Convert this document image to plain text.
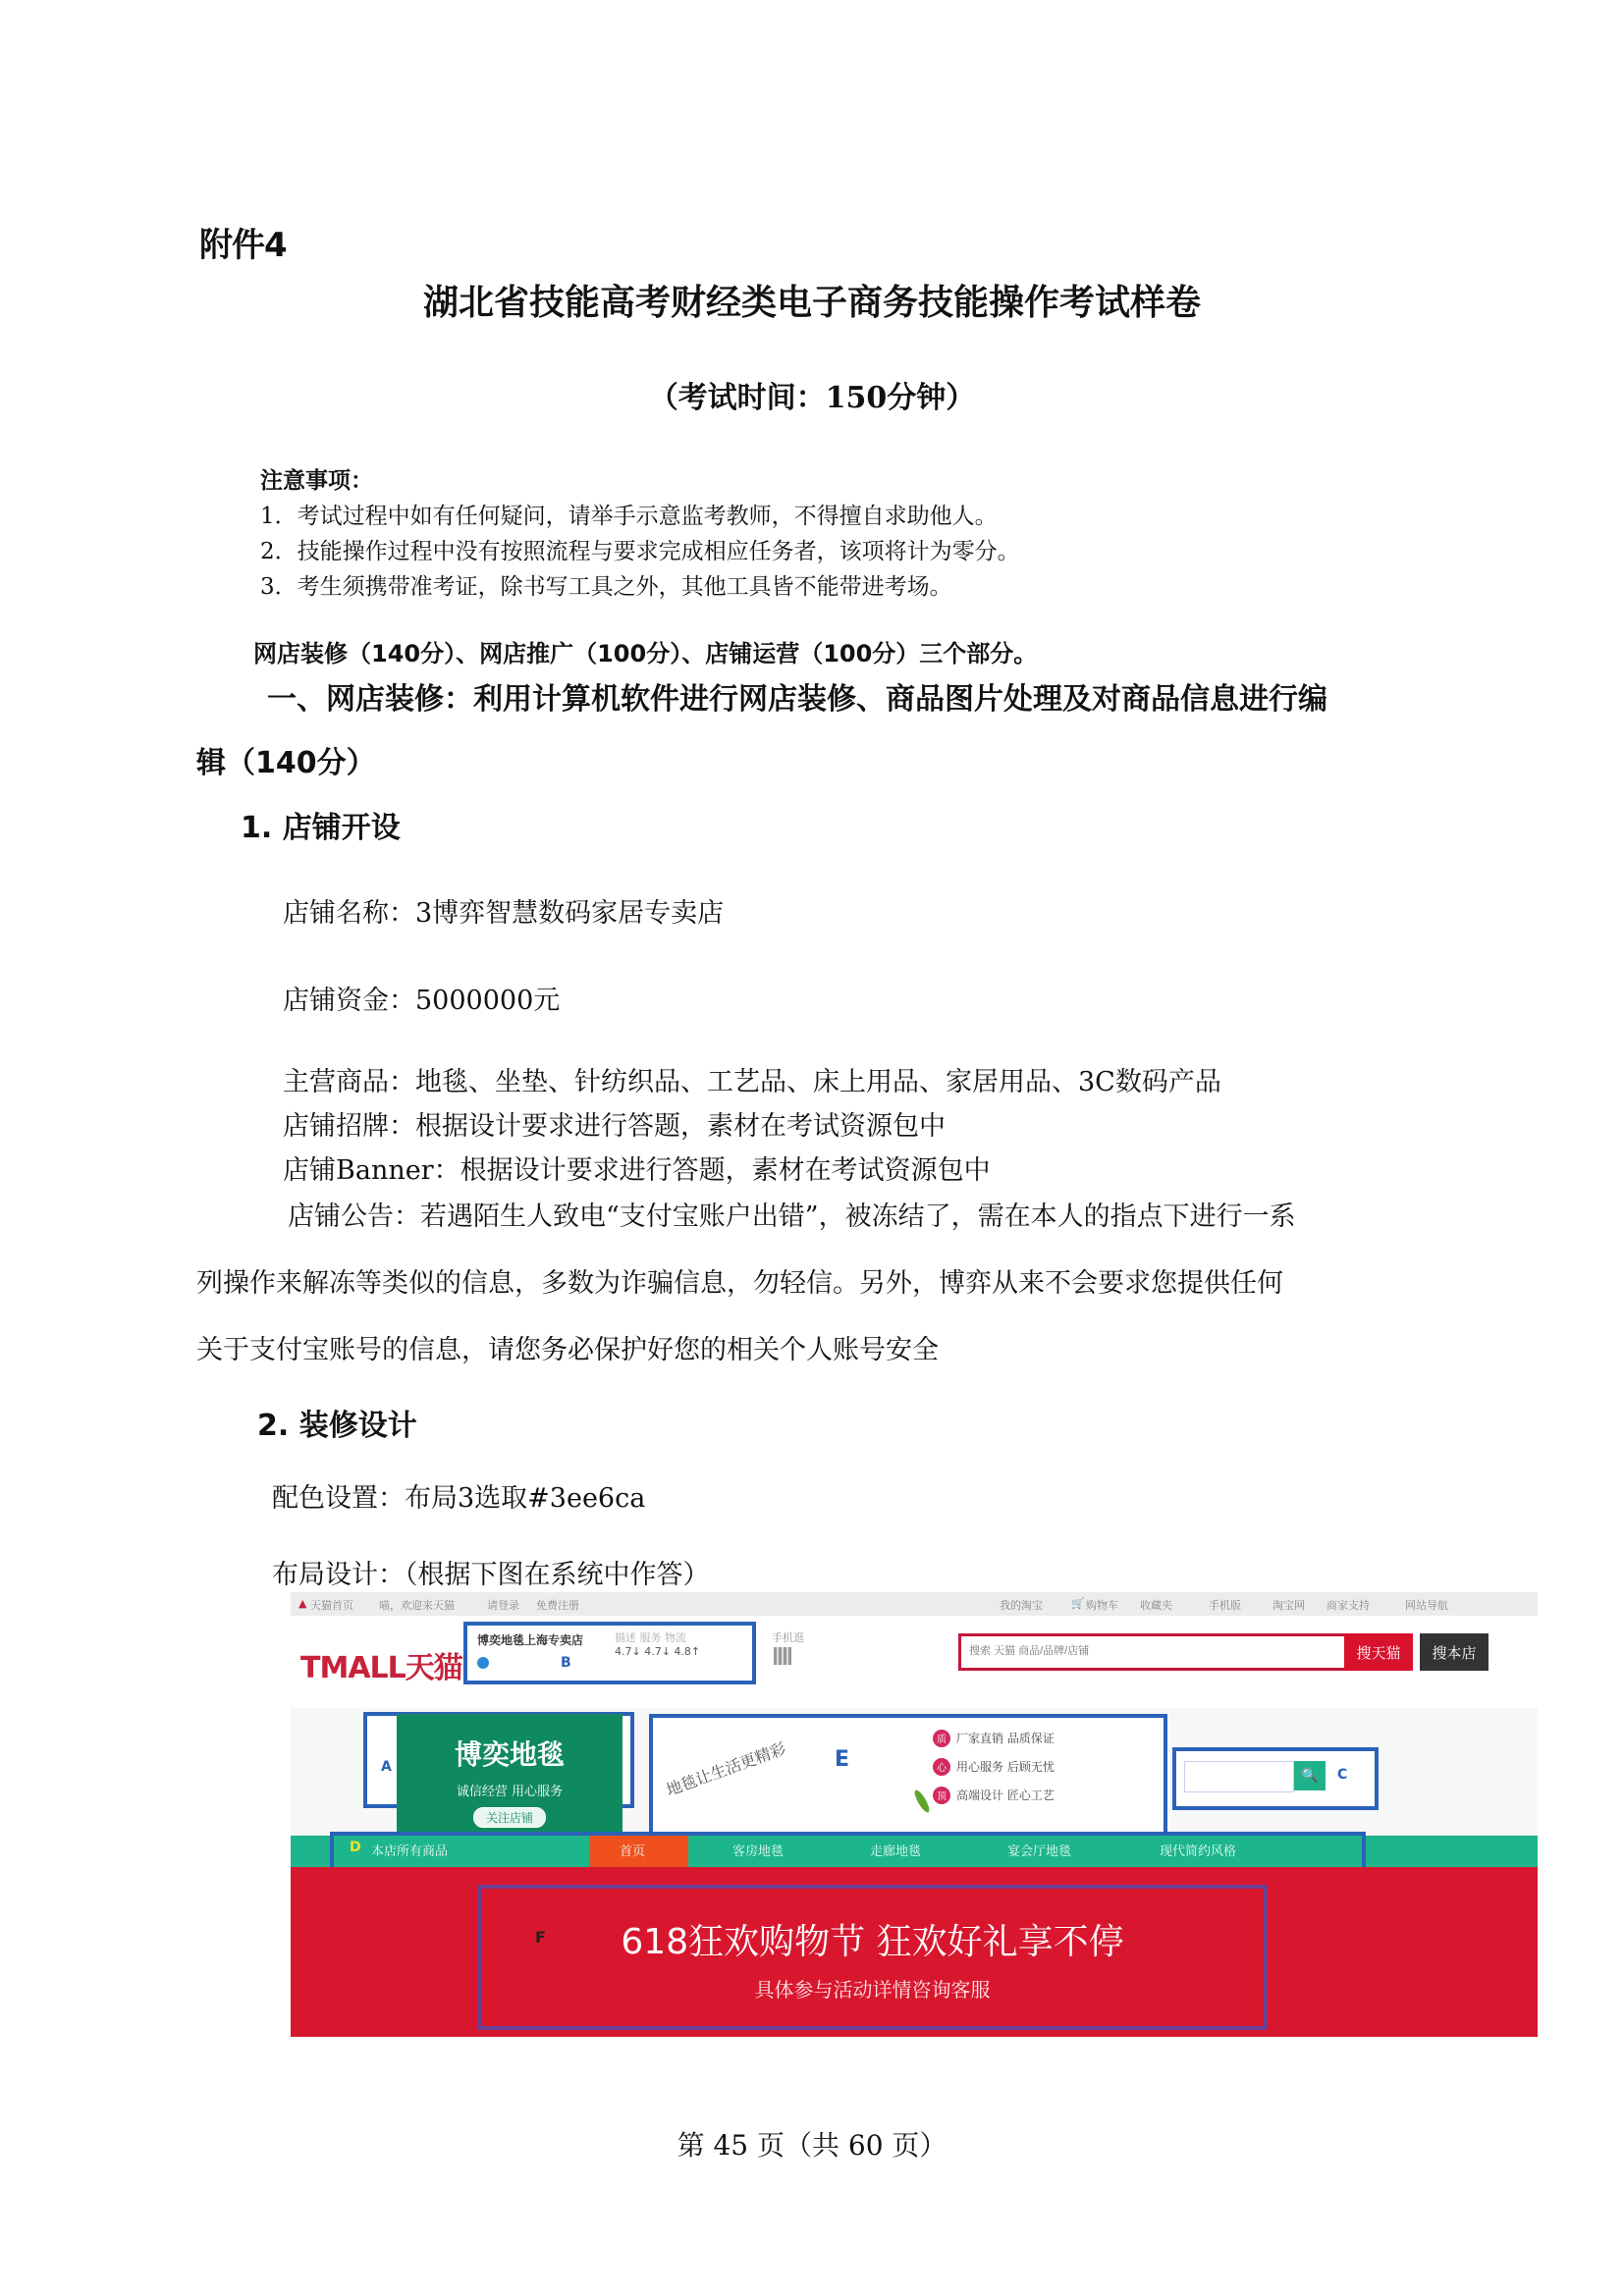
附件4
湖北省技能高考财经类电子商务技能操作考试样卷
（考试时间：150分钟）
注意事项：
1．考试过程中如有任何疑问，请举手示意监考教师，不得擅自求助他人。
2．技能操作过程中没有按照流程与要求完成相应任务者，该项将计为零分。
3．考生须携带准考证，除书写工具之外，其他工具皆不能带进考场。
网店装修（140分）、网店推广（100分）、店铺运营（100分）三个部分。
一、网店装修：利用计算机软件进行网店装修、商品图片处理及对商品信息进行编
辑（140分）
1. 店铺开设
店铺名称：3博弈智慧数码家居专卖店
店铺资金：5000000元
主营商品：地毯、坐垫、针纺织品、工艺品、床上用品、家居用品、3C数码产品
店铺招牌：根据设计要求进行答题，素材在考试资源包中
店铺Banner：根据设计要求进行答题，素材在考试资源包中
店铺公告：若遇陌生人致电“支付宝账户出错”，被冻结了，需在本人的指点下进行一系
列操作来解冻等类似的信息，多数为诈骗信息，勿轻信。另外，博弈从来不会要求您提供任何
关于支付宝账号的信息，请您务必保护好您的相关个人账号安全
2. 装修设计
配色设置：布局3选取#3ee6ca
布局设计：（根据下图在系统中作答）
▲ 天猫首页 喵，欢迎来天猫	请登录 免费注册	我的淘宝	🛒 购物车 收藏夹	手机版	淘宝网 商家支持	网站导航
TMALL天猫
博奕地毯上海专卖店	描述 服务 物流
4.7↓ 4.7↓ 4.8↑
B
手机逛
搜索 天猫 商品/品牌/店铺
搜天猫	搜本店
A	博奕地毯
诚信经营 用心服务
关注店铺
地毯让生活更精彩 E
质 厂家直销 品质保证
心 用心服务 后顾无忧
顶 高端设计 匠心工艺
🔍	C
D 本店所有商品	首页	客房地毯	走廊地毯	宴会厅地毯	现代简约风格
F	618狂欢购物节 狂欢好礼享不停
具体参与活动详情咨询客服
第 45 页（共 60 页）
